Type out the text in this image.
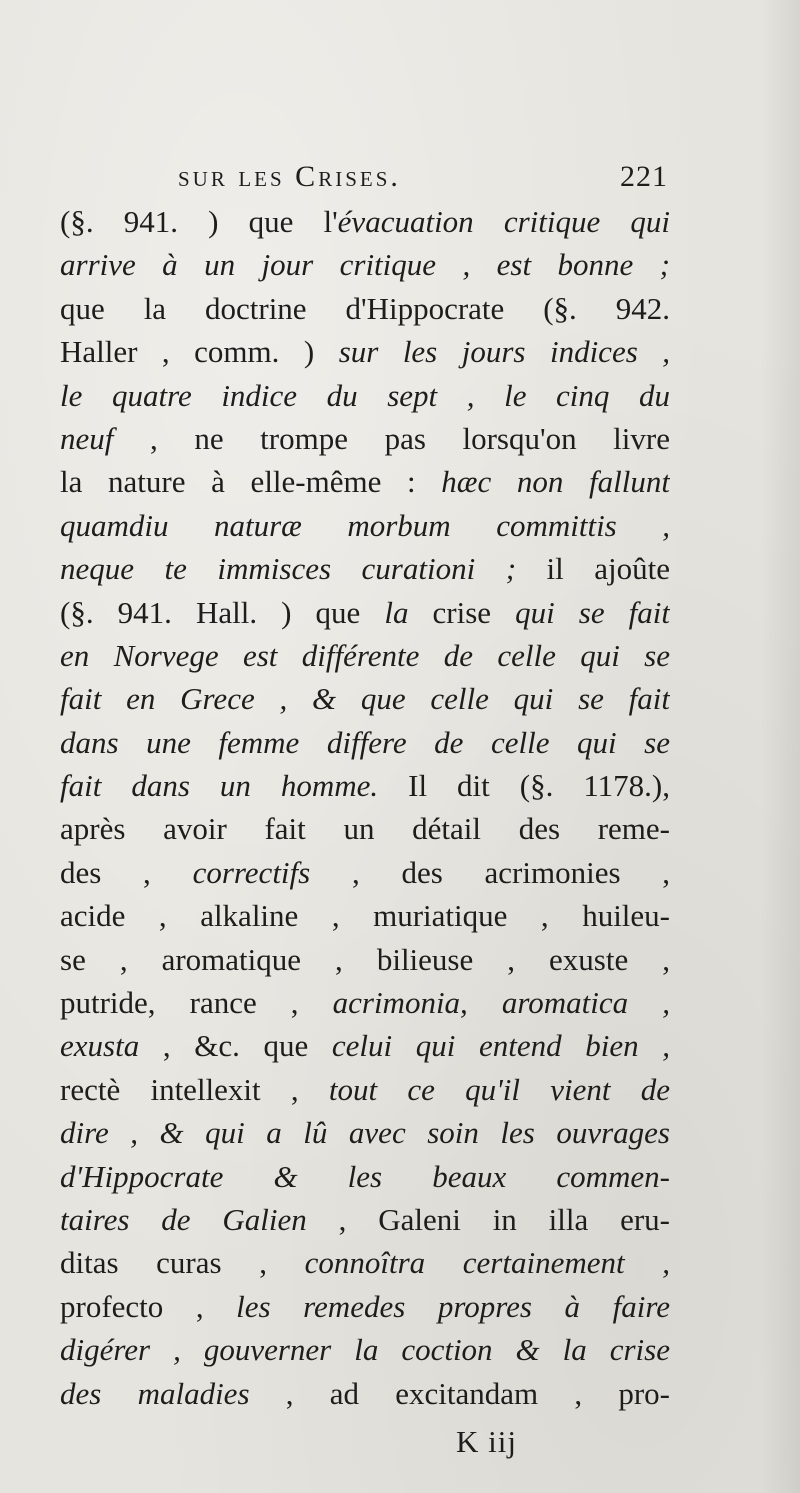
sur les Crises.	221
(§. 941. ) que l'évacuation critique qui
arrive à un jour critique , est bonne ;
que la doctrine d'Hippocrate (§. 942.
Haller , comm. ) sur les jours indices ,
le quatre indice du sept , le cinq du
neuf , ne trompe pas lorsqu'on livre
la nature à elle-même : hæc non fallunt
quamdiu naturæ morbum committis ,
neque te immisces curationi ; il ajoûte
(§. 941. Hall. ) que la crise qui se fait
en Norvege est différente de celle qui se
fait en Grece , & que celle qui se fait
dans une femme differe de celle qui se
fait dans un homme. Il dit (§. 1178.),
après avoir fait un détail des reme-
des , correctifs , des acrimonies ,
acide , alkaline , muriatique , huileu-
se , aromatique , bilieuse , exuste ,
putride, rance , acrimonia, aromatica ,
exusta , &c. que celui qui entend bien ,
rectè intellexit , tout ce qu'il vient de
dire , & qui a lû avec soin les ouvrages
d'Hippocrate & les beaux commen-
taires de Galien , Galeni in illa eru-
ditas curas , connoîtra certainement ,
profecto , les remedes propres à faire
digérer , gouverner la coction & la crise
des maladies , ad excitandam , pro-
K iij
